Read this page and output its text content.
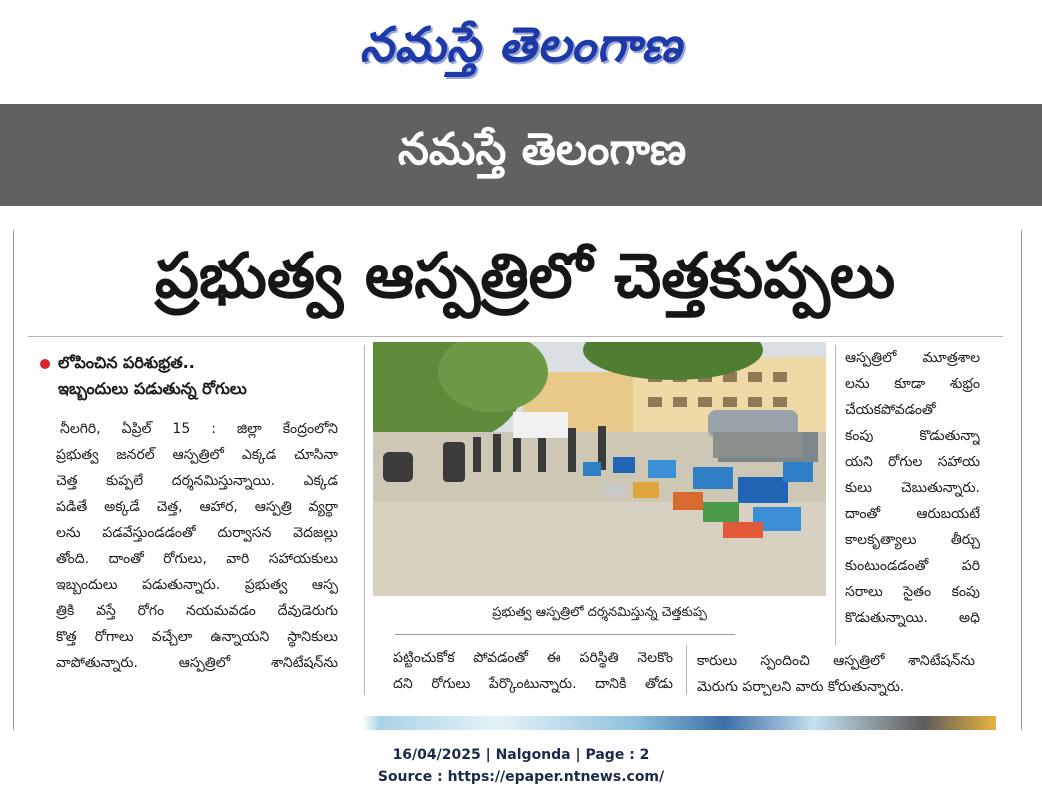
నమస్తే తెలంగాణ
నమస్తే తెలంగాణ
ప్రభుత్వ ఆస్పత్రిలో చెత్తకుప్పలు
లోపించిన పరిశుభ్రత..
ఇబ్బందులు పడుతున్న రోగులు
నీలగిరి, ఏప్రిల్ 15 : జిల్లా కేంద్రంలోని
ప్రభుత్వ జనరల్ ఆస్పత్రిలో ఎక్కడ చూసినా
చెత్త కుప్పలే దర్శనమిస్తున్నాయి. ఎక్కడ
పడితే అక్కడే చెత్త, ఆహార, ఆస్పత్రి వ్యర్థా
లను పడవేస్తుండడంతో దుర్వాసన వెదజల్లు
తోంది. దాంతో రోగులు, వారి సహాయకులు
ఇబ్బందులు పడుతున్నారు. ప్రభుత్వ ఆస్ప
త్రికి వస్తే రోగం నయమవడం దేవుడెరుగు
కొత్త రోగాలు వచ్చేలా ఉన్నాయని స్థానికులు
వాపోతున్నారు. ఆస్పత్రిలో శానిటేషన్‌ను
ప్రభుత్వ ఆస్పత్రిలో దర్శనమిస్తున్న చెత్తకుప్ప
ఆస్పత్రిలో మూత్రశాల
లను కూడా శుభ్రం
చేయకపోవడంతో
కంపు కొడుతున్నా
యని రోగుల సహాయ
కులు చెబుతున్నారు.
దాంతో ఆరుబయటే
కాలకృత్యాలు తీర్చు
కుంటుండడంతో పరి
సరాలు సైతం కంపు
కొడుతున్నాయి. అధి
పట్టించుకోక పోవడంతో ఈ పరిస్థితి నెలకొం
దని రోగులు పేర్కొంటున్నారు. దానికి తోడు
కారులు స్పందించి ఆస్పత్రిలో శానిటేషన్‌ను
మెరుగు పర్చాలని వారు కోరుతున్నారు.
16/04/2025 | Nalgonda | Page : 2
Source : https://epaper.ntnews.com/
